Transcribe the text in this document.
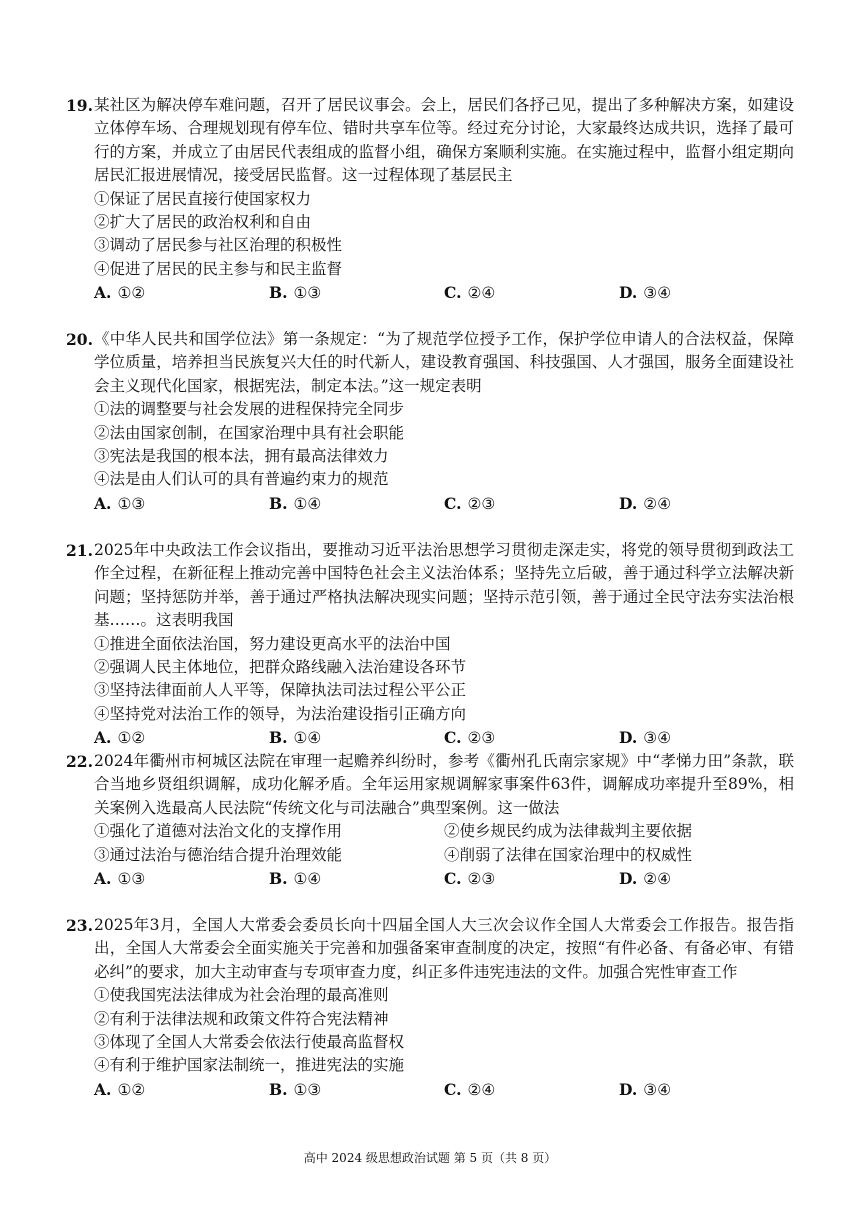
19. 某社区为解决停车难问题，召开了居民议事会。会上，居民们各抒己见，提出了多种解决方案，如建设立体停车场、合理规划现有停车位、错时共享车位等。经过充分讨论，大家最终达成共识，选择了最可行的方案，并成立了由居民代表组成的监督小组，确保方案顺利实施。在实施过程中，监督小组定期向居民汇报进展情况，接受居民监督。这一过程体现了基层民主

①保证了居民直接行使国家权力

②扩大了居民的政治权利和自由

③调动了居民参与社区治理的积极性

④促进了居民的民主参与和民主监督

A. ①②	B. ①③	C. ②④	D. ③④
20. 《中华人民共和国学位法》第一条规定：“为了规范学位授予工作，保护学位申请人的合法权益，保障学位质量，培养担当民族复兴大任的时代新人，建设教育强国、科技强国、人才强国，服务全面建设社会主义现代化国家，根据宪法，制定本法。”这一规定表明

①法的调整要与社会发展的进程保持完全同步

②法由国家创制，在国家治理中具有社会职能

③宪法是我国的根本法，拥有最高法律效力

④法是由人们认可的具有普遍约束力的规范

A. ①③	B. ①④	C. ②③	D. ②④
21. 2025年中央政法工作会议指出，要推动习近平法治思想学习贯彻走深走实，将党的领导贯彻到政法工作全过程，在新征程上推动完善中国特色社会主义法治体系；坚持先立后破，善于通过科学立法解决新问题；坚持惩防并举，善于通过严格执法解决现实问题；坚持示范引领，善于通过全民守法夯实法治根基……。这表明我国

①推进全面依法治国，努力建设更高水平的法治中国

②强调人民主体地位，把群众路线融入法治建设各环节

③坚持法律面前人人平等，保障执法司法过程公平公正

④坚持党对法治工作的领导，为法治建设指引正确方向

A. ①②	B. ①④	C. ②③	D. ③④
22. 2024年衢州市柯城区法院在审理一起赡养纠纷时，参考《衢州孔氏南宗家规》中“孝悌力田”条款，联合当地乡贤组织调解，成功化解矛盾。全年运用家规调解家事案件63件，调解成功率提升至89%，相关案例入选最高人民法院“传统文化与司法融合”典型案例。这一做法

①强化了道德对法治文化的支撑作用	②使乡规民约成为法律裁判主要依据

③通过法治与德治结合提升治理效能	④削弱了法律在国家治理中的权威性

A. ①③	B. ①④	C. ②③	D. ②④
23. 2025年3月，全国人大常委会委员长向十四届全国人大三次会议作全国人大常委会工作报告。报告指出，全国人大常委会全面实施关于完善和加强备案审查制度的决定，按照“有件必备、有备必审、有错必纠”的要求，加大主动审查与专项审查力度，纠正多件违宪违法的文件。加强合宪性审查工作

①使我国宪法法律成为社会治理的最高准则

②有利于法律法规和政策文件符合宪法精神

③体现了全国人大常委会依法行使最高监督权

④有利于维护国家法制统一，推进宪法的实施

A. ①②	B. ①③	C. ②④	D. ③④
高中 2024 级思想政治试题 第 5 页（共 8 页）
